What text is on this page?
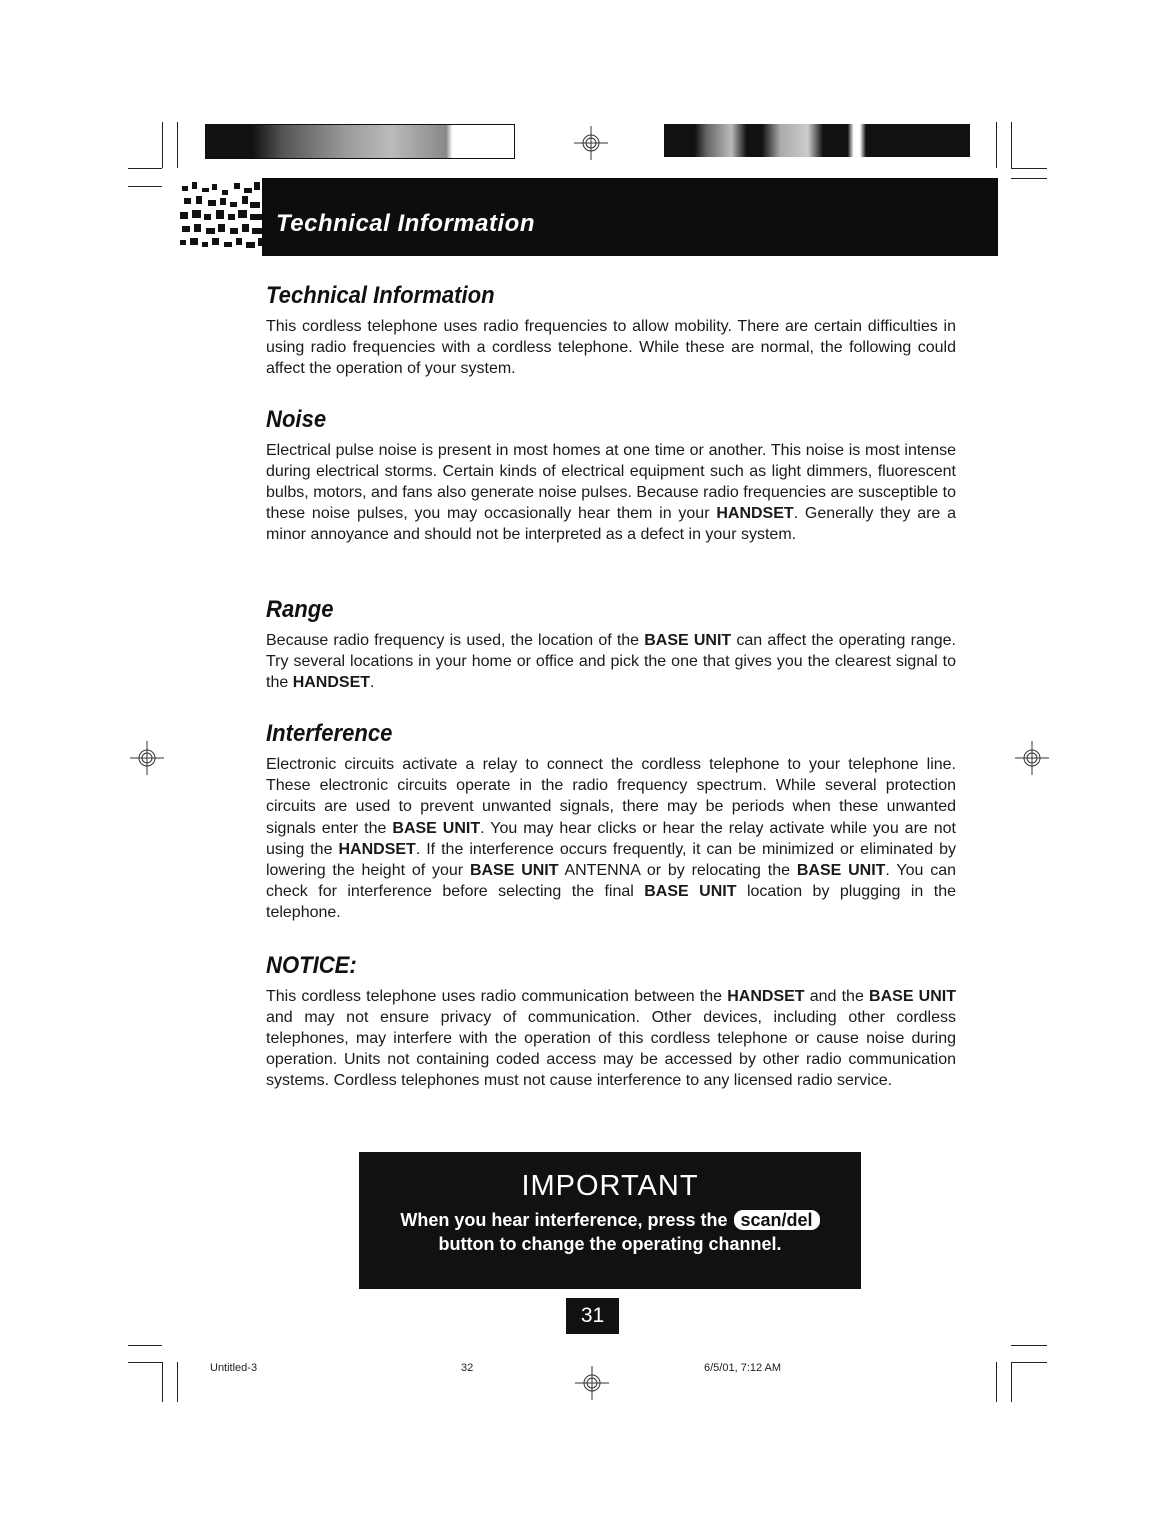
Technical Information
Technical Information

This cordless telephone uses radio frequencies to allow mobility. There are certain difficulties in using radio frequencies with a cordless telephone. While these are normal, the following could affect the operation of your system.

Noise

Electrical pulse noise is present in most homes at one time or another. This noise is most intense during electrical storms. Certain kinds of electrical equipment such as light dimmers, fluorescent bulbs, motors, and fans also generate noise pulses. Because radio frequencies are susceptible to these noise pulses, you may occasionally hear them in your HANDSET. Generally they are a minor annoyance and should not be interpreted as a defect in your system.

Range

Because radio frequency is used, the location of the BASE UNIT can affect the operating range. Try several locations in your home or office and pick the one that gives you the clearest signal to the HANDSET.

Interference

Electronic circuits activate a relay to connect the cordless telephone to your telephone line. These electronic circuits operate in the radio frequency spectrum. While several protection circuits are used to prevent unwanted signals, there may be periods when these unwanted signals enter the BASE UNIT. You may hear clicks or hear the relay activate while you are not using the HANDSET. If the interference occurs frequently, it can be minimized or eliminated by lowering the height of your BASE UNIT ANTENNA or by relocating the BASE UNIT. You can check for interference before selecting the final BASE UNIT location by plugging in the telephone.

NOTICE:

This cordless telephone uses radio communication between the HANDSET and the BASE UNIT and may not ensure privacy of communication. Other devices, including other cordless telephones, may interfere with the operation of this cordless telephone or cause noise during operation. Units not containing coded access may be accessed by other radio communication systems. Cordless telephones must not cause interference to any licensed radio service.

IMPORTANT
When you hear interference, press the scan/del
button to change the operating channel.
31
Untitled-3	32	6/5/01, 7:12 AM
